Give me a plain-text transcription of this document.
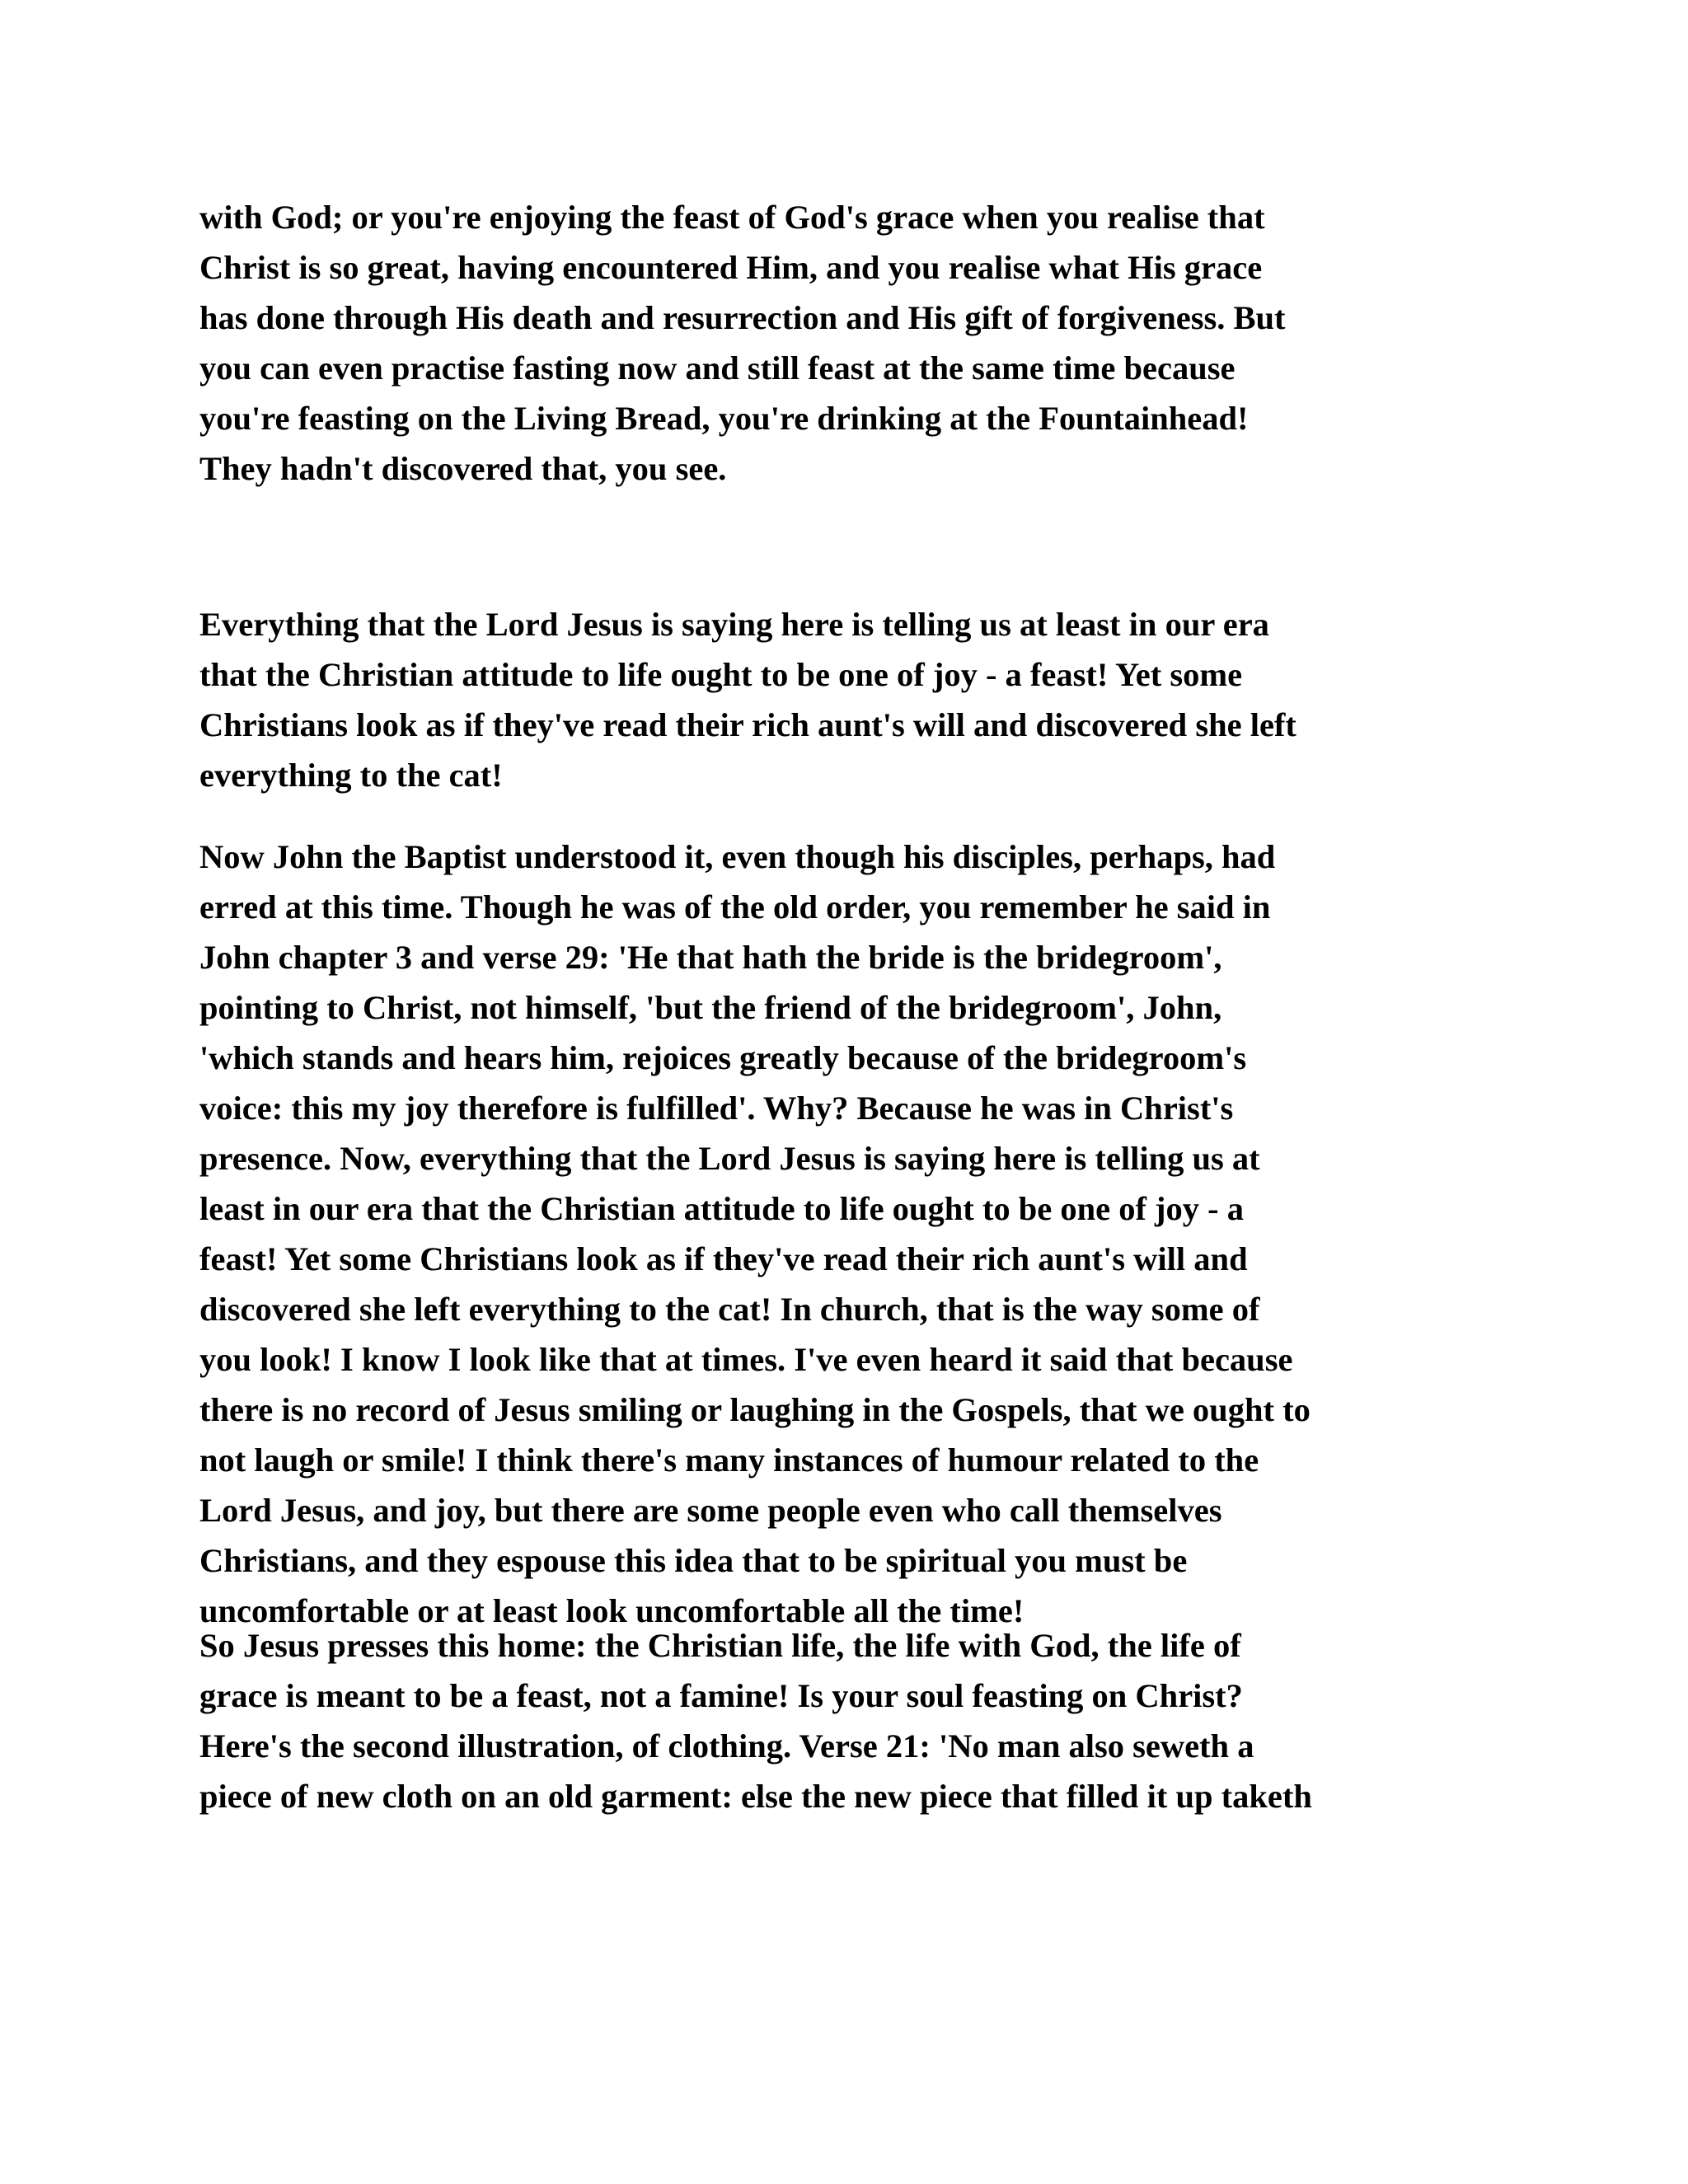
with God; or you're enjoying the feast of God's grace when you realise that
Christ is so great, having encountered Him, and you realise what His grace
has done through His death and resurrection and His gift of forgiveness. But
you can even practise fasting now and still feast at the same time because
you're feasting on the Living Bread, you're drinking at the Fountainhead!
They hadn't discovered that, you see.

Everything that the Lord Jesus is saying here is telling us at least in our era
that the Christian attitude to life ought to be one of joy - a feast! Yet some
Christians look as if they've read their rich aunt's will and discovered she left
everything to the cat!

Now John the Baptist understood it, even though his disciples, perhaps, had
erred at this time. Though he was of the old order, you remember he said in
John chapter 3 and verse 29: 'He that hath the bride is the bridegroom',
pointing to Christ, not himself, 'but the friend of the bridegroom', John,
'which stands and hears him, rejoices greatly because of the bridegroom's
voice: this my joy therefore is fulfilled'. Why? Because he was in Christ's
presence. Now, everything that the Lord Jesus is saying here is telling us at
least in our era that the Christian attitude to life ought to be one of joy - a
feast! Yet some Christians look as if they've read their rich aunt's will and
discovered she left everything to the cat! In church, that is the way some of
you look! I know I look like that at times. I've even heard it said that because
there is no record of Jesus smiling or laughing in the Gospels, that we ought to
not laugh or smile! I think there's many instances of humour related to the
Lord Jesus, and joy, but there are some people even who call themselves
Christians, and they espouse this idea that to be spiritual you must be
uncomfortable or at least look uncomfortable all the time!

So Jesus presses this home: the Christian life, the life with God, the life of
grace is meant to be a feast, not a famine! Is your soul feasting on Christ?
Here's the second illustration, of clothing. Verse 21: 'No man also seweth a
piece of new cloth on an old garment: else the new piece that filled it up taketh
